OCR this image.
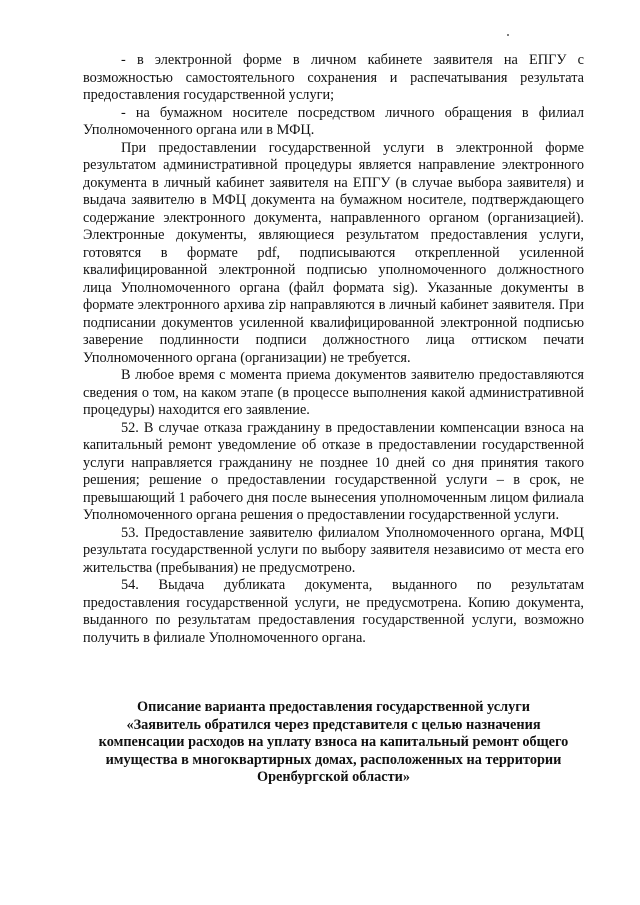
- в электронной форме в личном кабинете заявителя на ЕПГУ с возможностью самостоятельного сохранения и распечатывания результата предоставления государственной услуги;

- на бумажном носителе посредством личного обращения в филиал Уполномоченного органа или в МФЦ.

При предоставлении государственной услуги в электронной форме результатом административной процедуры является направление электронного документа в личный кабинет заявителя на ЕПГУ (в случае выбора заявителя) и выдача заявителю в МФЦ документа на бумажном носителе, подтверждающего содержание электронного документа, направленного органом (организацией). Электронные документы, являющиеся результатом предоставления услуги, готовятся в формате pdf, подписываются открепленной усиленной квалифицированной электронной подписью уполномоченного должностного лица Уполномоченного органа (файл формата sig). Указанные документы в формате электронного архива zip направляются в личный кабинет заявителя. При подписании документов усиленной квалифицированной электронной подписью заверение подлинности подписи должностного лица оттиском печати Уполномоченного органа (организации) не требуется.

В любое время с момента приема документов заявителю предоставляются сведения о том, на каком этапе (в процессе выполнения какой административной процедуры) находится его заявление.

52. В случае отказа гражданину в предоставлении компенсации взноса на капитальный ремонт уведомление об отказе в предоставлении государственной услуги направляется гражданину не позднее 10 дней со дня принятия такого решения; решение о предоставлении государственной услуги – в срок, не превышающий 1 рабочего дня после вынесения уполномоченным лицом филиала Уполномоченного органа решения о предоставлении государственной услуги.

53. Предоставление заявителю филиалом Уполномоченного органа, МФЦ результата государственной услуги по выбору заявителя независимо от места его жительства (пребывания) не предусмотрено.

54. Выдача дубликата документа, выданного по результатам предоставления государственной услуги, не предусмотрена. Копию документа, выданного по результатам предоставления государственной услуги, возможно получить в филиале Уполномоченного органа.

Описание варианта предоставления государственной услуги
«Заявитель обратился через представителя с целью назначения
компенсации расходов на уплату взноса на капитальный ремонт общего
имущества в многоквартирных домах, расположенных на территории
Оренбургской области»
